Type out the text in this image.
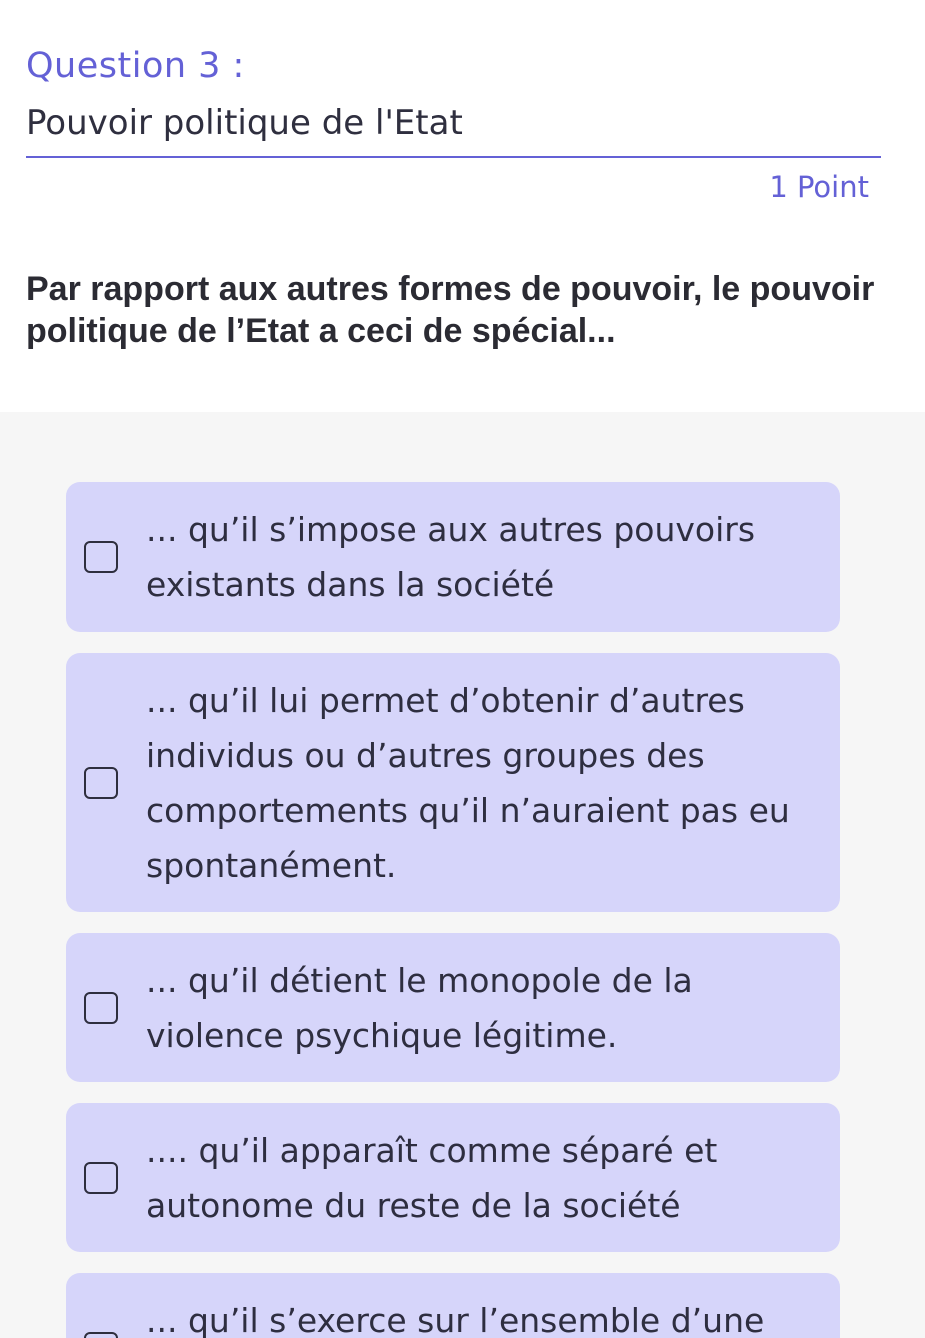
Question 3 :
Pouvoir politique de l'Etat
1 Point
Par rapport aux autres formes de pouvoir, le pouvoir politique de l’Etat a ceci de spécial...
... qu’il s’impose aux autres pouvoirs existants dans la société
... qu’il lui permet d’obtenir d’autres individus ou d’autres groupes des comportements qu’il n’auraient pas eu spontanément.
... qu’il détient le monopole de la violence psychique légitime.
.... qu’il apparaît comme séparé et autonome du reste de la société
... qu’il s’exerce sur l’ensemble d’une
